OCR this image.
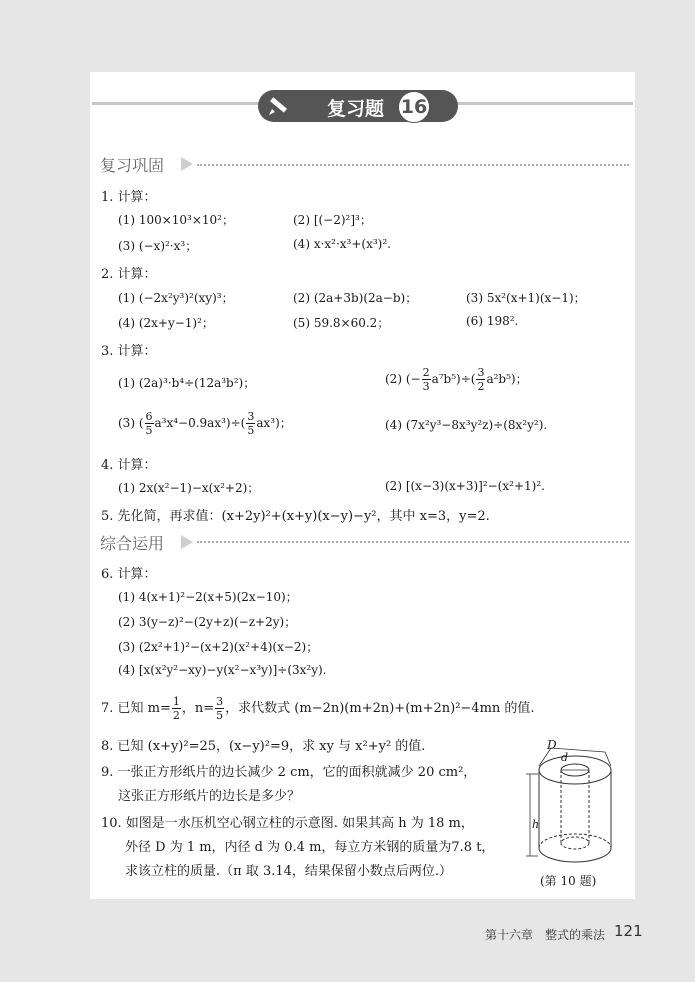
复习题 16
复习巩固
1. 计算：
(1) 100×10³×10²；	(2) [(−2)²]³；
(3) (−x)²·x³；	(4) x·x²·x³+(x³)².
2. 计算：
(1) (−2x²y³)²(xy)³；	(2) (2a+3b)(2a−b)；	(3) 5x²(x+1)(x−1)；
(4) (2x+y−1)²；	(5) 59.8×60.2；	(6) 198².
3. 计算：
(1) (2a)³·b⁴÷(12a³b²)；	(2) (− $\frac{2}{3} a^7b^5)\div( \frac{3}{2} a^2b^5)$；
(3) ( $\frac{6}{5} a^3x^4-0.9ax^3)\div( \frac{3}{5} ax^3)$；	(4) (7x²y³−8x³y²z)÷(8x²y²).
4. 计算：
(1) 2x(x²−1)−x(x²+2)；	(2) [(x−3)(x+3)]²−(x²+1)².
5. 先化简，再求值：(x+2y)²+(x+y)(x−y)−y²，其中 x=3，y=2.
综合运用
6. 计算：
(1) 4(x+1)²−2(x+5)(2x−10)；
(2) 3(y−z)²−(2y+z)(−z+2y)；
(3) (2x²+1)²−(x+2)(x²+4)(x−2)；
(4) [x(x²y²−xy)−y(x²−x³y)]÷(3x²y).
7. 已知 $m= \frac{1}{2}$ ，$n= \frac{3}{5}$ ，求代数式 (m−2n)(m+2n)+(m+2n)²−4mn 的值.
8. 已知 (x+y)²=25，(x−y)²=9，求 xy 与 x²+y² 的值.
9. 一张正方形纸片的边长减少 2 cm，它的面积就减少 20 cm²，
这张正方形纸片的边长是多少？
10. 如图是一水压机空心钢立柱的示意图. 如果其高 h 为 18 m，
外径 D 为 1 m，内径 d 为 0.4 m，每立方米钢的质量为7.8 t，
求该立柱的质量.（π 取 3.14，结果保留小数点后两位.）
D
d
h
(第 10 题)
第十六章　整式的乘法 121
